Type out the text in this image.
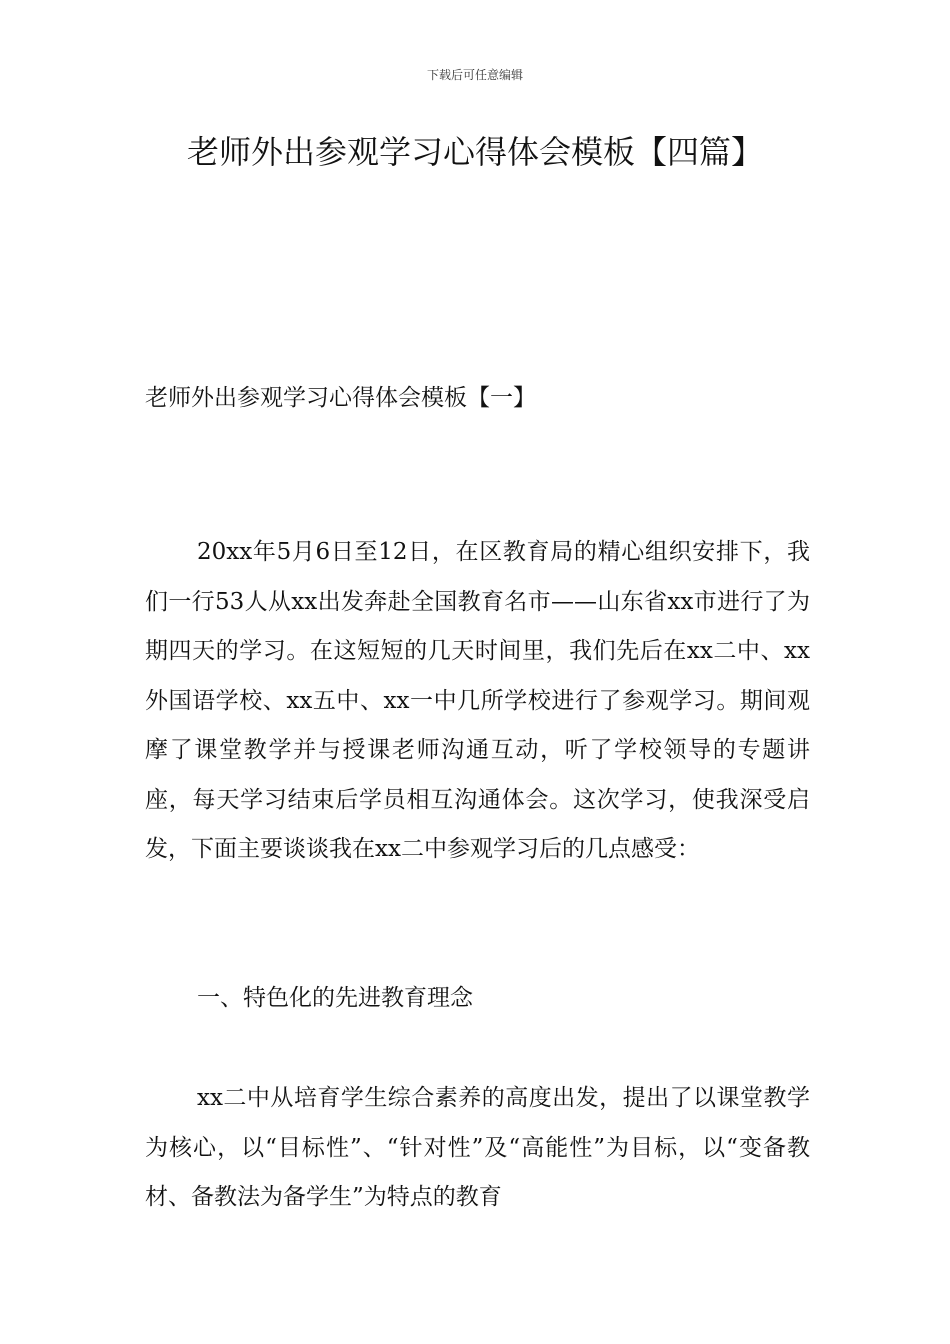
下载后可任意编辑
老师外出参观学习心得体会模板【四篇】
老师外出参观学习心得体会模板【一】

20xx年5月6日至12日，在区教育局的精心组织安排下，我们一行53人从xx出发奔赴全国教育名市——山东省xx市进行了为期四天的学习。在这短短的几天时间里，我们先后在xx二中、xx外国语学校、xx五中、xx一中几所学校进行了参观学习。期间观摩了课堂教学并与授课老师沟通互动，听了学校领导的专题讲座，每天学习结束后学员相互沟通体会。这次学习，使我深受启发，下面主要谈谈我在xx二中参观学习后的几点感受：

一、特色化的先进教育理念

xx二中从培育学生综合素养的高度出发，提出了以课堂教学为核心，以“目标性”、“针对性”及“高能性”为目标，以“变备教材、备教法为备学生”为特点的教育
